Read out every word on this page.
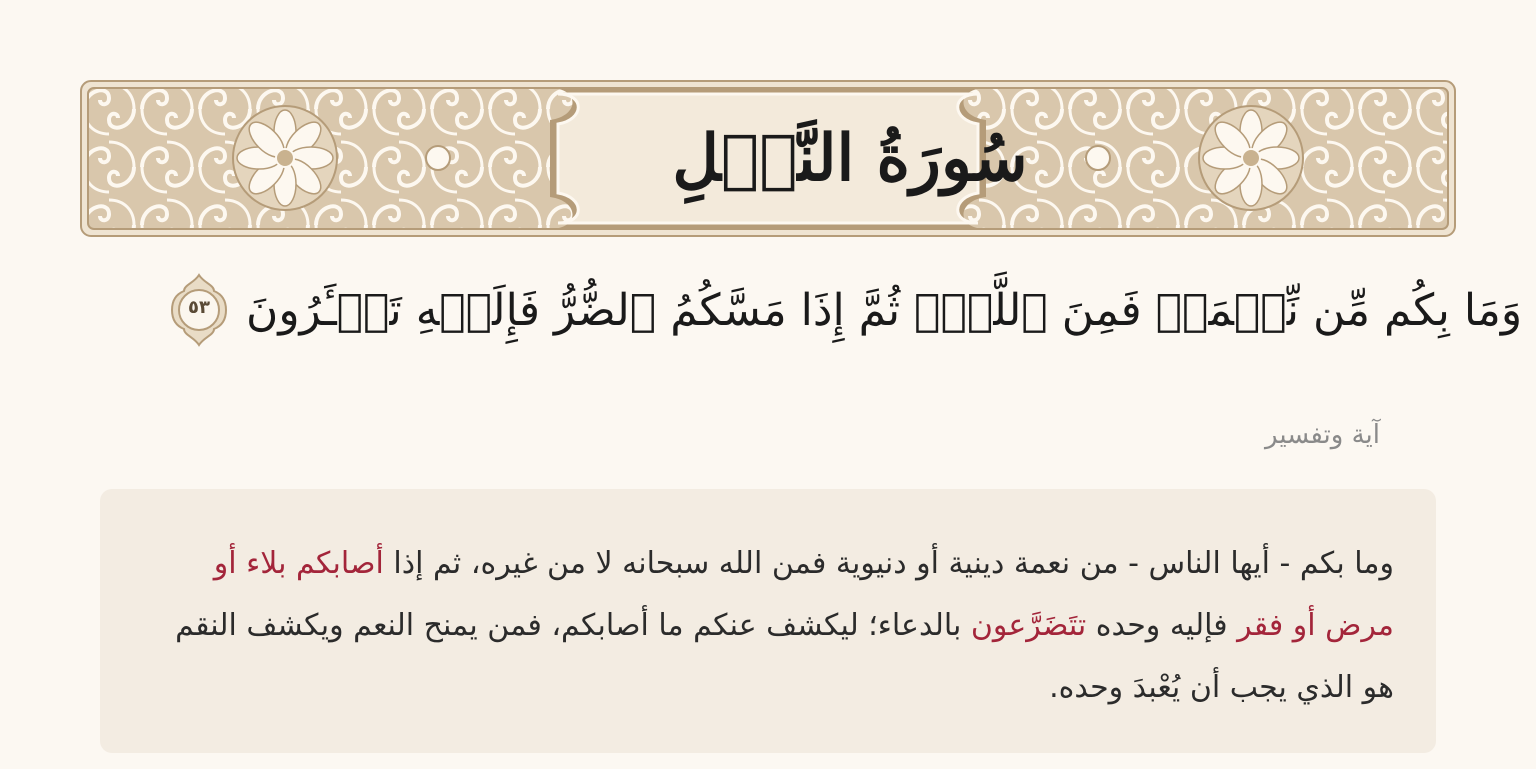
سُورَةُ النَّحۡلِ
٥٣ وَمَا بِكُم مِّن نِّعۡمَةٖ فَمِنَ ٱللَّهِۖ ثُمَّ إِذَا مَسَّكُمُ ٱلضُّرُّ فَإِلَيۡهِ تَجۡـَٔرُونَ
آية وتفسير

وما بكم - أيها الناس - من نعمة دينية أو دنيوية فمن الله سبحانه لا من غيره، ثم إذا أصابكم بلاء أو مرض أو فقر فإليه وحده تتَضَرَّعون بالدعاء؛ ليكشف عنكم ما أصابكم، فمن يمنح النعم ويكشف النقم هو الذي يجب أن يُعْبدَ وحده.
